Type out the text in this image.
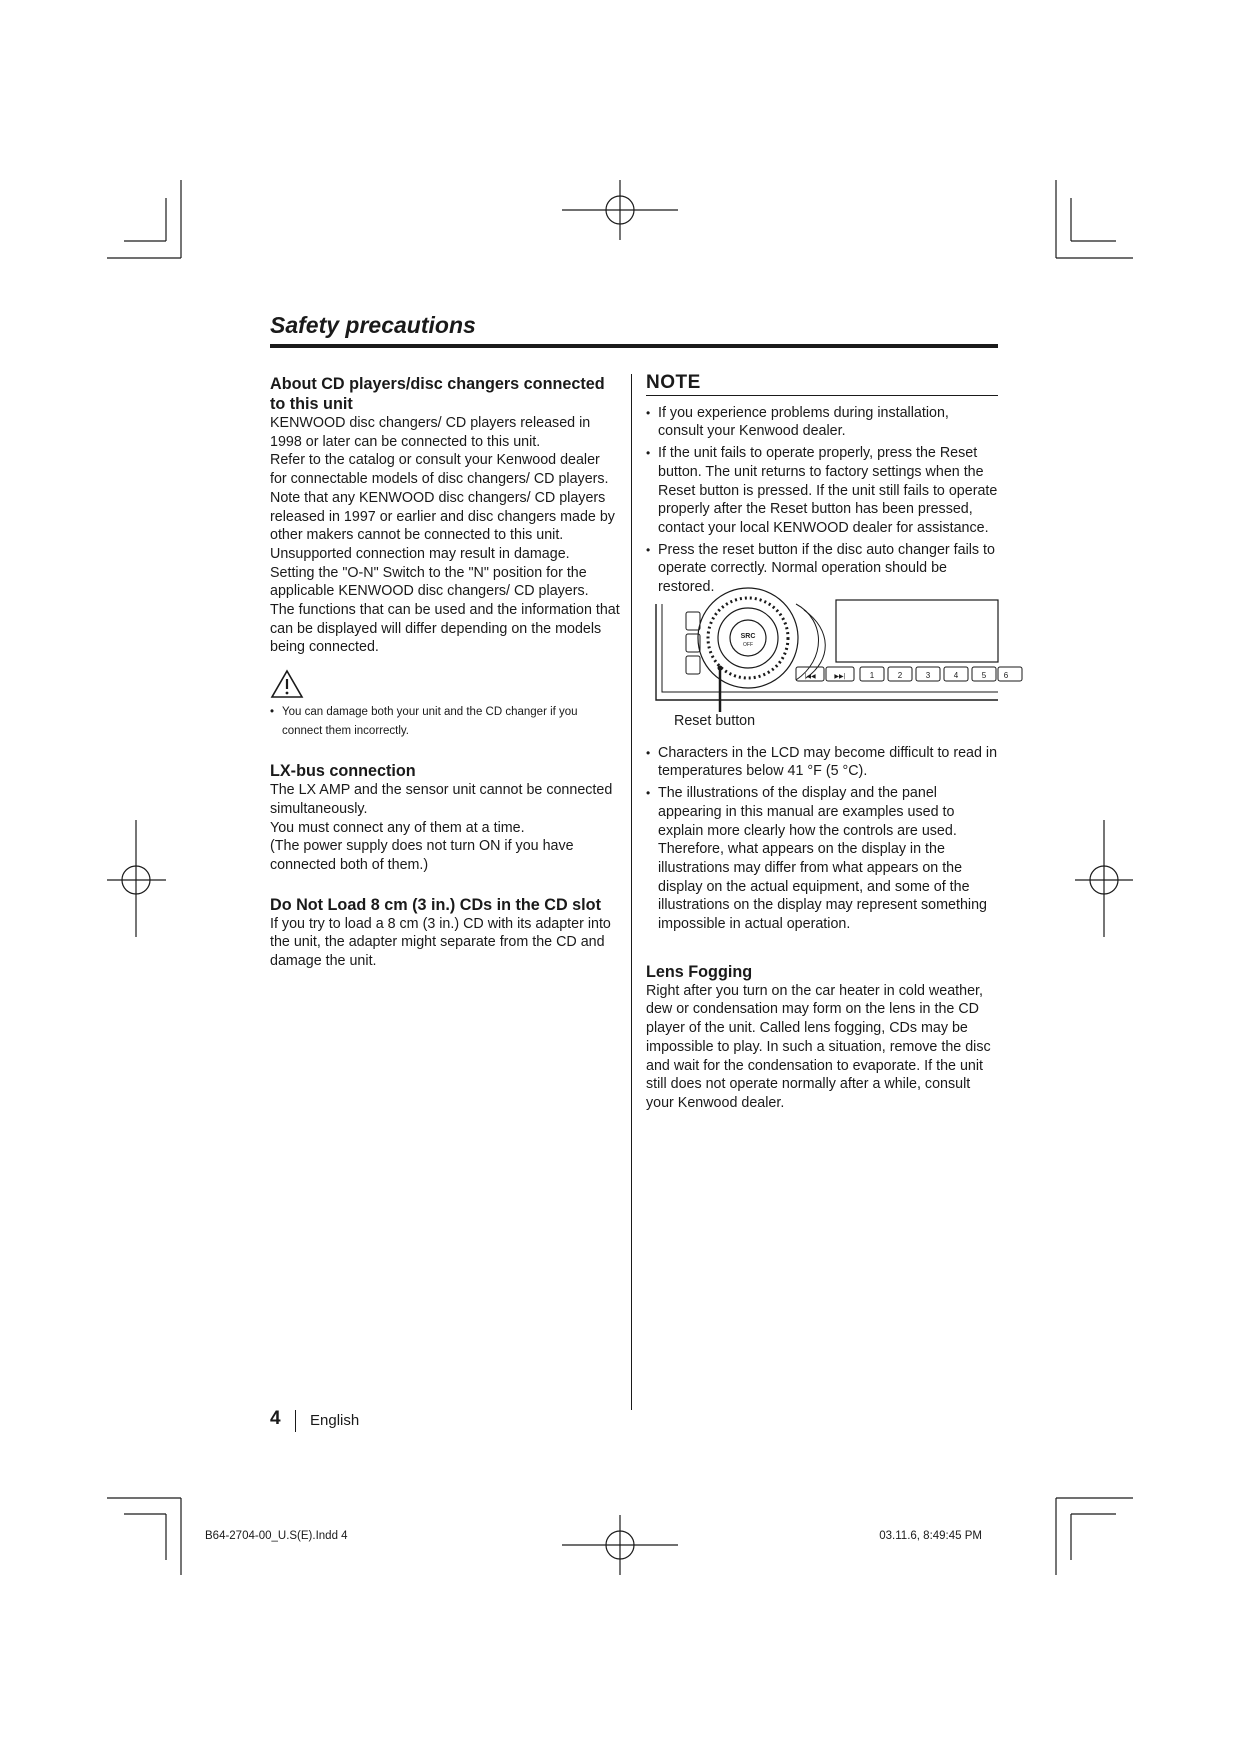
Safety precautions
About CD players/disc changers connected to this unit

KENWOOD disc changers/ CD players released in 1998 or later can be connected to this unit.

Refer to the catalog or consult your Kenwood dealer for connectable models of disc changers/ CD players.

Note that any KENWOOD disc changers/ CD players released in 1997 or earlier and disc changers made by other makers cannot be connected to this unit.

Unsupported connection may result in damage.

Setting the "O-N" Switch to the "N" position for the applicable KENWOOD disc changers/ CD players.

The functions that can be used and the information that can be displayed will differ depending on the models being connected.

• You can damage both your unit and the CD changer if you connect them incorrectly.
LX-bus connection

The LX AMP and the sensor unit cannot be connected simultaneously.

You must connect any of them at a time.

(The power supply does not turn ON if you have connected both of them.)

Do Not Load 8 cm (3 in.) CDs in the CD slot

If you try to load a 8 cm (3 in.) CD with its adapter into the unit, the adapter might separate from the CD and damage the unit.

NOTE
• If you experience problems during installation, consult your Kenwood dealer.
• If the unit fails to operate properly, press the Reset button. The unit returns to factory settings when the Reset button is pressed. If the unit still fails to operate properly after the Reset button has been pressed, contact your local KENWOOD dealer for assistance.
• Press the reset button if the disc auto changer fails to operate correctly. Normal operation should be restored.
SRC
OFF
|◀◀	▶▶|	1	2	3	4	5 6
Reset button
• Characters in the LCD may become difficult to read in temperatures below 41 °F (5 °C).
• The illustrations of the display and the panel appearing in this manual are examples used to explain more clearly how the controls are used. Therefore, what appears on the display in the illustrations may differ from what appears on the display on the actual equipment, and some of the illustrations on the display may represent something impossible in actual operation.
Lens Fogging

Right after you turn on the car heater in cold weather, dew or condensation may form on the lens in the CD player of the unit. Called lens fogging, CDs may be impossible to play. In such a situation, remove the disc and wait for the condensation to evaporate. If the unit still does not operate normally after a while, consult your Kenwood dealer.

4 English
B64-2704-00_U.S(E).Indd 4	03.11.6, 8:49:45 PM
